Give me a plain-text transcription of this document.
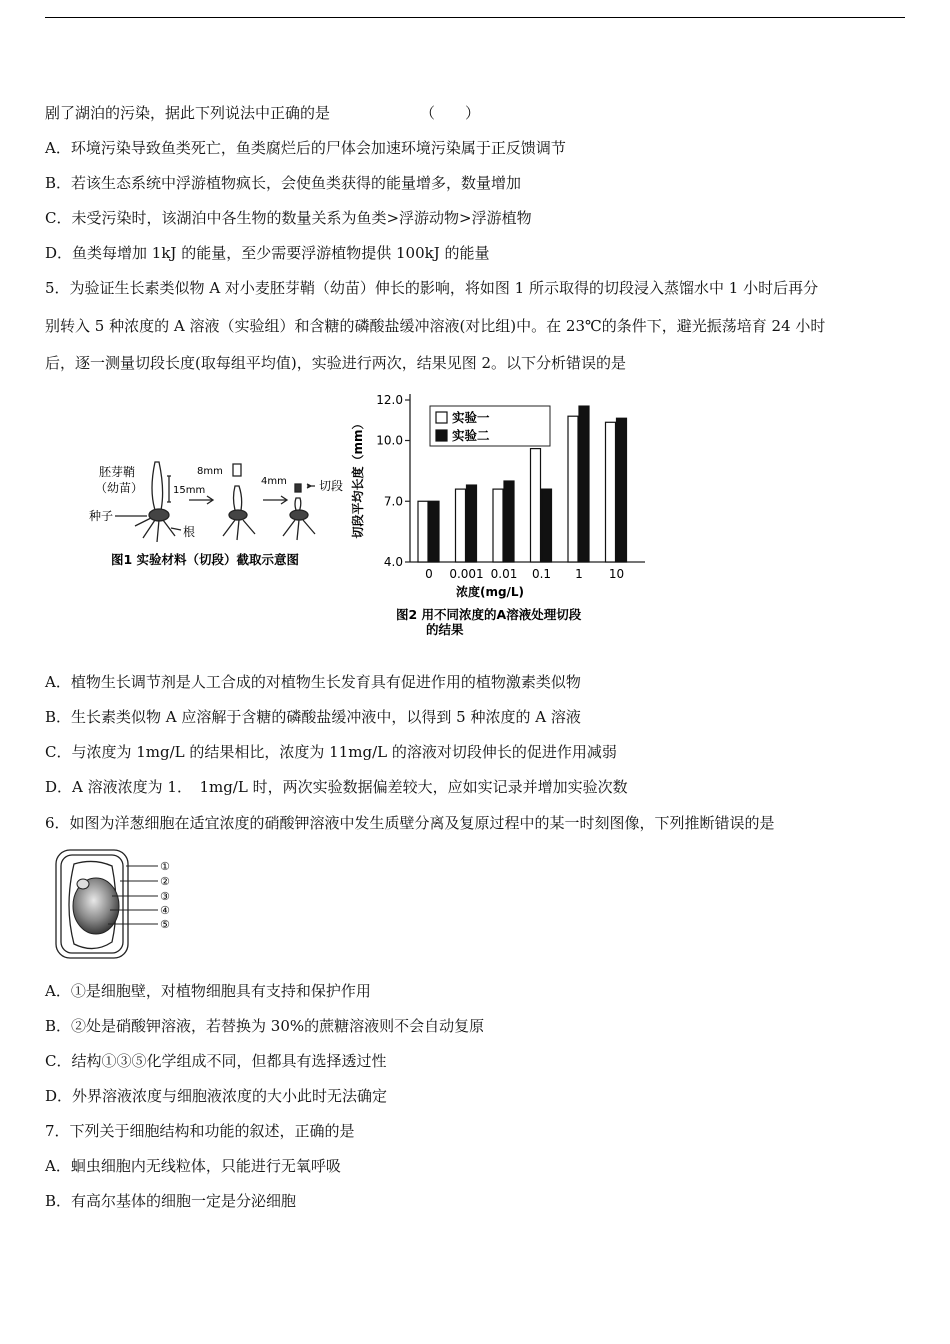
剧了湖泊的污染，据此下列说法中正确的是	（　　）
A．环境污染导致鱼类死亡，鱼类腐烂后的尸体会加速环境污染属于正反馈调节
B．若该生态系统中浮游植物疯长，会使鱼类获得的能量增多，数量增加
C．未受污染时，该湖泊中各生物的数量关系为鱼类>浮游动物>浮游植物
D．鱼类每增加 1kJ 的能量，至少需要浮游植物提供 100kJ 的能量
5．为验证生长素类似物 A 对小麦胚芽鞘（幼苗）伸长的影响，将如图 1 所示取得的切段浸入蒸馏水中 1 小时后再分
别转入 5 种浓度的 A 溶液（实验组）和含糖的磷酸盐缓冲溶液(对比组)中。在 23℃的条件下，避光振荡培育 24 小时
后，逐一测量切段长度(取每组平均值)，实验进行两次，结果见图 2。以下分析错误的是
胚芽鞘
（幼苗）
种子
根
15mm
8mm
4mm	切段
图1 实验材料（切段）截取示意图	4.0
7.0
10.0
12.0
0 0.001 0.01 0.1 1 10
实验一
实验二
切段平均长度（mm）
浓度(mg/L)
图2 用不同浓度的A溶液处理切段
的结果
A．植物生长调节剂是人工合成的对植物生长发育具有促进作用的植物激素类似物
B．生长素类似物 A 应溶解于含糖的磷酸盐缓冲液中，以得到 5 种浓度的 A 溶液
C．与浓度为 1mg/L 的结果相比，浓度为 11mg/L 的溶液对切段伸长的促进作用减弱
D．A 溶液浓度为 1．　1mg/L 时，两次实验数据偏差较大，应如实记录并增加实验次数
6．如图为洋葱细胞在适宜浓度的硝酸钾溶液中发生质壁分离及复原过程中的某一时刻图像，下列推断错误的是
①
②
③
④
⑤
A．①是细胞壁，对植物细胞具有支持和保护作用
B．②处是硝酸钾溶液，若替换为 30%的蔗糖溶液则不会自动复原
C．结构①③⑤化学组成不同，但都具有选择透过性
D．外界溶液浓度与细胞液浓度的大小此时无法确定
7．下列关于细胞结构和功能的叙述，正确的是
A．蛔虫细胞内无线粒体，只能进行无氧呼吸
B．有高尔基体的细胞一定是分泌细胞
